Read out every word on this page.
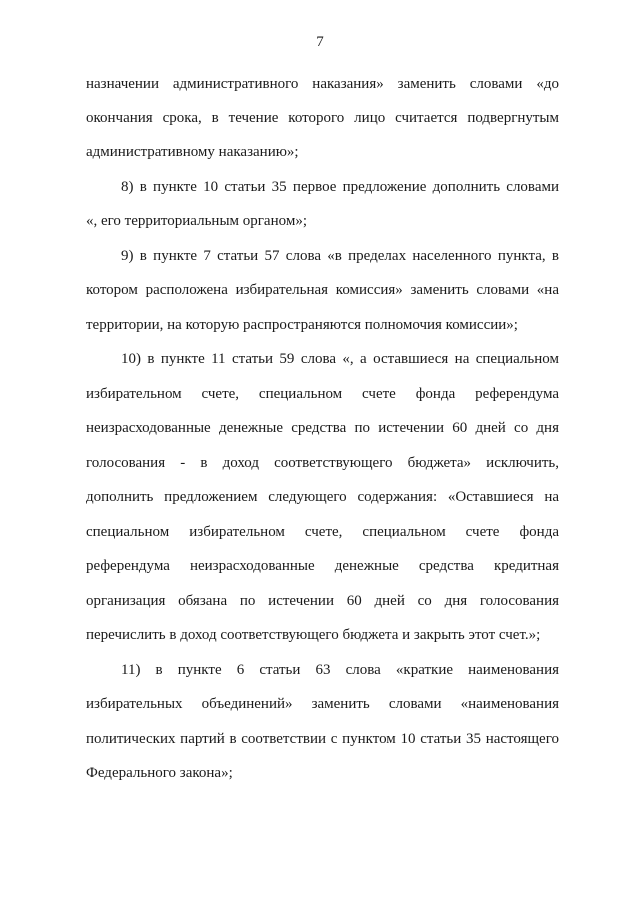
7
назначении административного наказания» заменить словами «до
окончания срока, в течение которого лицо считается подвергнутым
административному наказанию»;
8) в пункте 10 статьи 35 первое предложение дополнить словами
«, его территориальным органом»;
9) в пункте 7 статьи 57 слова «в пределах населенного пункта, в
котором расположена избирательная комиссия» заменить словами «на
территории, на которую распространяются полномочия комиссии»;
10) в пункте 11 статьи 59 слова «, а оставшиеся на специальном
избирательном счете, специальном счете фонда референдума
неизрасходованные денежные средства по истечении 60 дней со дня
голосования - в доход соответствующего бюджета» исключить,
дополнить предложением следующего содержания: «Оставшиеся на
специальном избирательном счете, специальном счете фонда
референдума неизрасходованные денежные средства кредитная
организация обязана по истечении 60 дней со дня голосования
перечислить в доход соответствующего бюджета и закрыть этот счет.»;
11) в пункте 6 статьи 63 слова «краткие наименования
избирательных объединений» заменить словами «наименования
политических партий в соответствии с пунктом 10 статьи 35 настоящего
Федерального закона»;
